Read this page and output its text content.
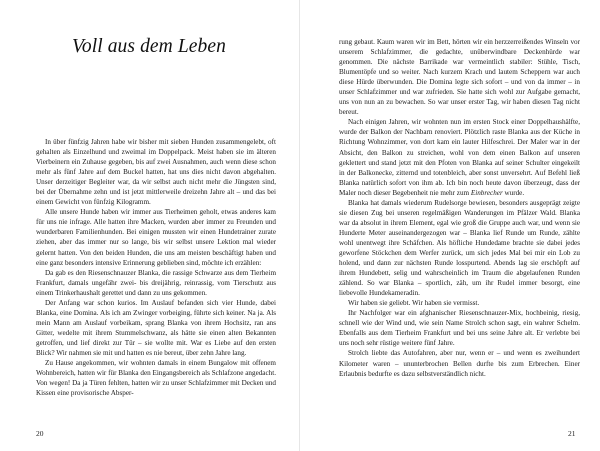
Voll aus dem Leben

In über fünfzig Jahren habe wir bisher mit sieben Hunden zusammengelebt, oft gehalten als Einzelhund und zweimal im Doppelpack. Meist haben sie im älteren Vierbeinern ein Zuhause gegeben, bis auf zwei Ausnahmen, auch wenn diese schon mehr als fünf Jahre auf dem Buckel hatten, hat uns dies nicht davon abgehalten. Unser derzeitiger Begleiter war, da wir selbst auch nicht mehr die Jüngsten sind, bei der Übernahme zehn und ist jetzt mittlerweile dreizehn Jahre alt – und das bei einem Gewicht von fünfzig Kilogramm.

Alle unsere Hunde haben wir immer aus Tierheimen geholt, etwas anderes kam für uns nie infrage. Alle hatten ihre Macken, wurden aber immer zu Freunden und wunderbaren Familienhunden. Bei einigen mussten wir einen Hundetrainer zurate ziehen, aber das immer nur so lange, bis wir selbst unsere Lektion mal wieder gelernt hatten. Von den beiden Hunden, die uns am meisten beschäftigt haben und eine ganz besonders intensive Erinnerung geblieben sind, möchte ich erzählen:

Da gab es den Riesenschnauzer Blanka, die rassige Schwarze aus dem Tierheim Frankfurt, damals ungefähr zwei- bis dreijährig, reinrassig, vom Tierschutz aus einem Trinkerhaushalt gerettet und dann zu uns gekommen.

Der Anfang war schon kurios. Im Auslauf befanden sich vier Hunde, dabei Blanka, eine Domina. Als ich am Zwinger vorbeiging, führte sich keiner. Na ja. Als mein Mann am Auslauf vorbeikam, sprang Blanka von ihrem Hochsitz, ran ans Gitter, wedelte mit ihrem Stummelschwanz, als hätte sie einen alten Bekannten getroffen, und lief direkt zur Tür – sie wollte mit. War es Liebe auf den ersten Blick? Wir nahmen sie mit und hatten es nie bereut, über zehn Jahre lang.

Zu Hause angekommen, wir wohnten damals in einem Bungalow mit offenem Wohnbereich, hatten wir für Blanka den Eingangsbereich als Schlafzone angedacht. Von wegen! Da ja Türen fehlten, hatten wir zu unser Schlafzimmer mit Decken und Kissen eine provisorische Absper-

20

rung gebaut. Kaum waren wir im Bett, hörten wir ein herzzerreißendes Winseln vor unserem Schlafzimmer, die gedachte, unüberwindbare Deckenhürde war genommen. Die nächste Barrikade war vermeintlich stabiler: Stühle, Tisch, Blumentöpfe und so weiter. Nach kurzem Krach und lautem Scheppern war auch diese Hürde überwunden. Die Domina legte sich sofort – und von da immer – in unser Schlafzimmer und war zufrieden. Sie hatte sich wohl zur Aufgabe gemacht, uns von nun an zu bewachen. So war unser erster Tag, wir haben diesen Tag nicht bereut.

Nach einigen Jahren, wir wohnten nun im ersten Stock einer Doppelhaushälfte, wurde der Balkon der Nachbarn renoviert. Plötzlich raste Blanka aus der Küche in Richtung Wohnzimmer, von dort kam ein lauter Hilfeschrei. Der Maler war in der Absicht, den Balkon zu streichen, wohl von dem einen Balkon auf unseren geklettert und stand jetzt mit den Pfoten von Blanka auf seiner Schulter eingekeilt in der Balkonecke, zitternd und totenbleich, aber sonst unversehrt. Auf Befehl ließ Blanka natürlich sofort von ihm ab. Ich bin noch heute davon überzeugt, dass der Maler noch dieser Begebenheit nie mehr zum Einbrecher wurde.

Blanka hat damals wiederum Rudelsorge bewiesen, besonders ausgeprägt zeigte sie diesen Zug bei unseren regelmäßigen Wanderungen im Pfälzer Wald. Blanka war da absolut in ihrem Element, egal wie groß die Gruppe auch war, und wenn sie Hunderte Meter auseinandergezogen war – Blanka lief Runde um Runde, zählte wohl unentwegt ihre Schäfchen. Als höfliche Hundedame brachte sie dabei jedes geworfene Stöckchen dem Werfer zurück, um sich jedes Mal bei mir ein Lob zu holend, und dann zur nächsten Runde losspurtend. Abends lag sie erschöpft auf ihrem Hundebett, selig und wahrscheinlich im Traum die abgelaufenen Runden zählend. So war Blanka – sportlich, zäh, um ihr Rudel immer besorgt, eine liebevolle Hundekameradin.

Wir haben sie geliebt. Wir haben sie vermisst.

Ihr Nachfolger war ein afghanischer Riesenschnauzer-Mix, hochbeinig, riesig, schnell wie der Wind und, wie sein Name Strolch schon sagt, ein wahrer Schelm. Ebenfalls aus dem Tierheim Frankfurt und bei uns seine Jahre alt. Er verlebte bei uns noch sehr rüstige weitere fünf Jahre.

Strolch liebte das Autofahren, aber nur, wenn er – und wenn es zweihundert Kilometer waren – ununterbrochen Bellen durfte bis zum Erbrechen. Einer Erlaubnis bedurfte es dazu selbstverständlich nicht.

21
